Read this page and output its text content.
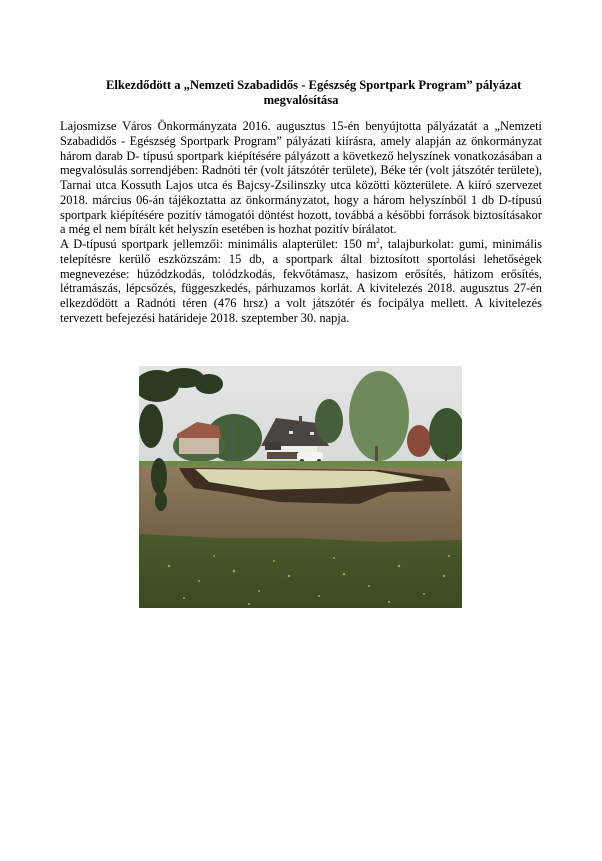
Elkezdődött a „Nemzeti Szabadidős - Egészség Sportpark Program” pályázat
megvalósítása

Lajosmizse Város Önkormányzata 2016. augusztus 15-én benyújtotta pályázatát a „Nemzeti Szabadidős - Egészség Sportpark Program” pályázati kiírásra, amely alapján az önkormányzat három darab D- típusú sportpark kiépítésére pályázott a következő helyszínek vonatkozásában a megvalósulás sorrendjében: Radnóti tér (volt játszótér területe), Béke tér (volt játszótér területe), Tarnai utca Kossuth Lajos utca és Bajcsy-Zsilinszky utca közötti közterülete. A kiíró szervezet 2018. március 06-án tájékoztatta az önkormányzatot, hogy a három helyszínből 1 db D-típusú sportpark kiépítésére pozitív támogatói döntést hozott, továbbá a későbbi források biztosításakor a még el nem bírált két helyszín esetében is hozhat pozitív bírálatot.

A D-típusú sportpark jellemzői: minimális alapterület: 150 $m^2$, talajburkolat: gumi, minimális telepítésre kerülő eszközszám: 15 db, a sportpark által biztosított sportolási lehetőségek megnevezése: húzódzkodás, tolódzkodás, fekvőtámasz, hasizom erősítés, hátizom erősítés, létramászás, lépcsőzés, függeszkedés, párhuzamos korlát. A kivitelezés 2018. augusztus 27-én elkezdődött a Radnóti téren (476 hrsz) a volt játszótér és focipálya mellett. A kivitelezés tervezett befejezési határideje 2018. szeptember 30. napja.
